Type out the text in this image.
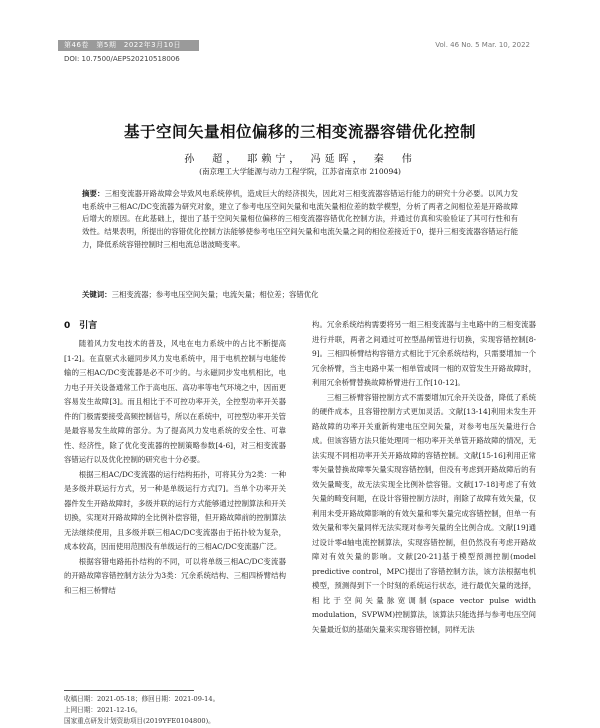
第46卷　第5期　2022年3月10日	Vol. 46 No. 5 Mar. 10, 2022
DOI: 10.7500/AEPS20210518006
基于空间矢量相位偏移的三相变流器容错优化控制
孙　超， 耶赖宁， 冯延晖， 秦　伟
(南京理工大学能源与动力工程学院，江苏省南京市 210094)
摘要：三相变流器开路故障会导致风电系统停机，造成巨大的经济损失，因此对三相变流器容错运行能力的研究十分必要。以风力发电系统中三相AC/DC变流器为研究对象，建立了参考电压空间矢量和电流矢量相位差的数学模型，分析了两者之间相位差是开路故障后增大的原因。在此基础上，提出了基于空间矢量相位偏移的三相变流器容错优化控制方法，并通过仿真和实验验证了其可行性和有效性。结果表明，所提出的容错优化控制方法能够使参考电压空间矢量和电流矢量之间的相位差接近于0，提升三相变流器容错运行能力，降低系统容错控制时三相电流总谐波畸变率。
关键词：三相变流器；参考电压空间矢量；电流矢量；相位差；容错优化
0　引言

随着风力发电技术的普及，风电在电力系统中的占比不断提高[1-2]。在直驱式永磁同步风力发电系统中，用于电机控制与电能传输的三相AC/DC变流器是必不可少的。与永磁同步发电机相比，电力电子开关设备通常工作于高电压、高功率等电气环境之中，因而更容易发生故障[3]。而且相比于不可控功率开关，全控型功率开关器件的门极需要接受高频控制信号，所以在系统中，可控型功率开关管是最容易发生故障的部分。为了提高风力发电系统的安全性、可靠性、经济性，除了优化变流器的控制策略参数[4-6]，对三相变流器容错运行以及优化控制的研究也十分必要。

根据三相AC/DC变流器的运行结构拓扑，可将其分为2类：一种是多级并联运行方式，另一种是单级运行方式[7]。当单个功率开关器件发生开路故障时，多级并联的运行方式能够通过控制算法和开关切换，实现对开路故障的全比例补偿容错，但开路故障前的控制算法无法继续使用，且多级并联三相AC/DC变流器由于拓扑较为复杂，成本较高，因而使用范围没有单级运行的三相AC/DC变流器广泛。

根据容错电路拓扑结构的不同，可以将单级三相AC/DC变流器的开路故障容错控制方法分为3类：冗余系统结构、三相四桥臂结构和三相三桥臂结

构。冗余系统结构需要将另一组三相变流器与主电路中的三相变流器进行并联，两者之间通过可控型晶闸管进行切换，实现容错控制[8-9]。三相四桥臂结构容错方式相比于冗余系统结构，只需要增加一个冗余桥臂，当主电路中某一相单管或同一相的双管发生开路故障时，利用冗余桥臂替换故障桥臂进行工作[10-12]。

三相三桥臂容错控制方式不需要增加冗余开关设备，降低了系统的硬件成本，且容错控制方式更加灵活。文献[13-14]利用未发生开路故障的功率开关重新构建电压空间矢量，对参考电压矢量进行合成。但该容错方法只能处理同一相功率开关单管开路故障的情况，无法实现不同相功率开关开路故障的容错控制。文献[15-16]利用正常零矢量替换故障零矢量实现容错控制，但没有考虑到开路故障后的有效矢量畸变，故无法实现全比例补偿容错。文献[17-18]考虑了有效矢量的畸变问题，在设计容错控制方法时，削除了故障有效矢量，仅利用未受开路故障影响的有效矢量和零矢量完成容错控制，但单一有效矢量和零矢量同样无法实现对参考矢量的全比例合成。文献[19]通过设计零d轴电流控制算法，实现容错控制，但仍然没有考虑开路故障对有效矢量的影响。文献[20-21]基于模型预测控制(model predictive control，MPC)提出了容错控制方法，该方法根据电机模型，预测得到下一个时刻的系统运行状态，进行最优矢量的选择，相比于空间矢量脉宽调制(space vector pulse width modulation，SVPWM)控制算法，该算法只能选择与参考电压空间矢量最近似的基础矢量来实现容错控制，同样无法

收稿日期：2021-05-18；修回日期：2021-09-14。
上网日期：2021-12-16。
国家重点研发计划资助项目(2019YFE0104800)。
